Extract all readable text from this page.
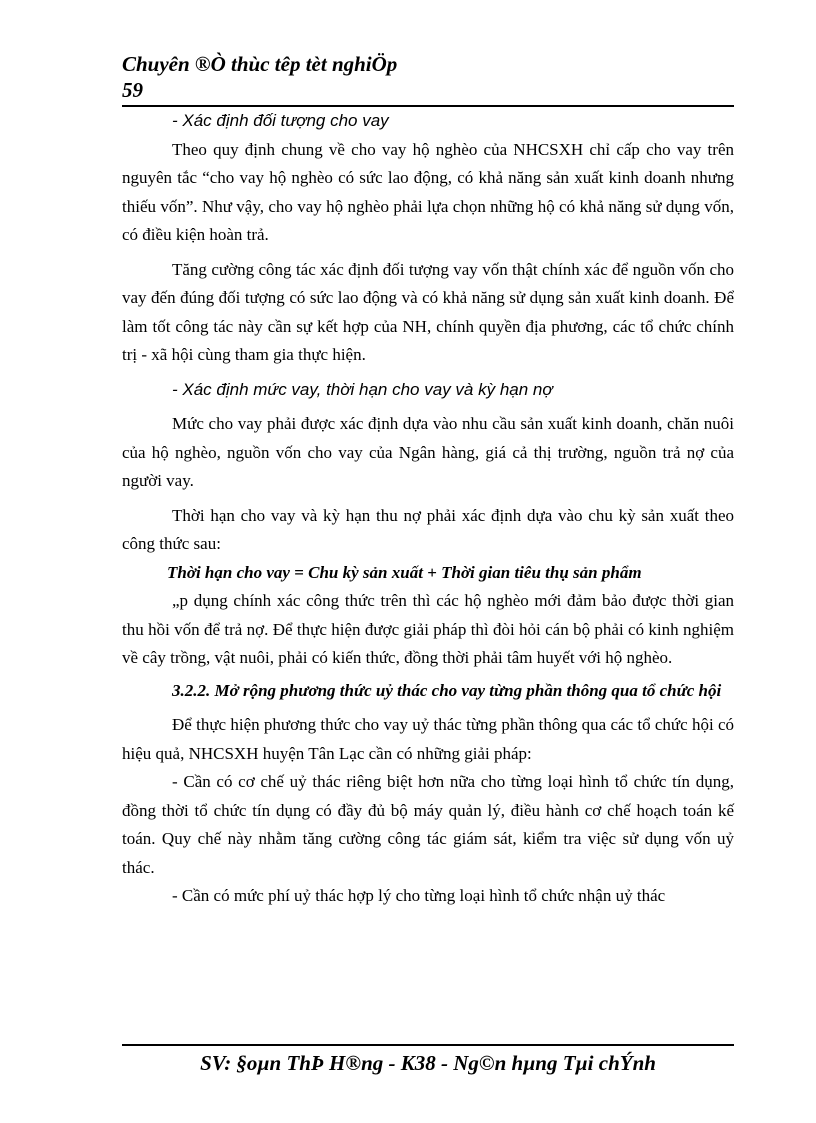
Chuyên ®Ò thùc têp tèt nghiÖp
59

- Xác định đối tượng cho vay

Theo quy định chung về cho vay hộ nghèo của NHCSXH chỉ cấp cho vay trên nguyên tắc “cho vay hộ nghèo có sức lao động, có khả năng sản xuất kinh doanh nhưng thiếu vốn”. Như vậy, cho vay hộ nghèo phải lựa chọn những hộ có khả năng sử dụng vốn, có điều kiện hoàn trả.

Tăng cường công tác xác định đối tượng vay vốn thật chính xác để nguồn vốn cho vay đến đúng đối tượng có sức lao động và có khả năng sử dụng sản xuất kinh doanh. Để làm tốt công tác này cần sự kết hợp của NH, chính quyền địa phương, các tổ chức chính trị - xã hội cùng tham gia thực hiện.

- Xác định mức vay, thời hạn cho vay và kỳ hạn nợ

Mức cho vay phải được xác định dựa vào nhu cầu sản xuất kinh doanh, chăn nuôi của hộ nghèo, nguồn vốn cho vay của Ngân hàng, giá cả thị trường, nguồn trả nợ của người vay.

Thời hạn cho vay và kỳ hạn thu nợ phải xác định dựa vào chu kỳ sản xuất theo công thức sau:

Thời hạn cho vay = Chu kỳ sản xuất + Thời gian tiêu thụ sản phẩm

„p dụng chính xác công thức trên thì các hộ nghèo mới đảm bảo được thời gian thu hồi vốn để trả nợ. Để thực hiện được giải pháp thì đòi hỏi cán bộ phải có kinh nghiệm về cây trồng, vật nuôi, phải có kiến thức, đồng thời phải tâm huyết với hộ nghèo.

3.2.2. Mở rộng phương thức uỷ thác cho vay từng phần thông qua tổ chức hội

Để thực hiện phương thức cho vay uỷ thác từng phần thông qua các tổ chức hội có hiệu quả, NHCSXH huyện Tân Lạc cần có những giải pháp:

- Cần có cơ chế uỷ thác riêng biệt hơn nữa cho từng loại hình tổ chức tín dụng, đồng thời tổ chức tín dụng có đầy đủ bộ máy quản lý, điều hành cơ chế hoạch toán kế toán. Quy chế này nhằm tăng cường công tác giám sát, kiểm tra việc sử dụng vốn uỷ thác.

- Cần có mức phí uỷ thác hợp lý cho từng loại hình tổ chức nhận uỷ thác

SV: §oµn ThÞ H®ng - K38 - Ng©n hµng Tµi chÝnh
